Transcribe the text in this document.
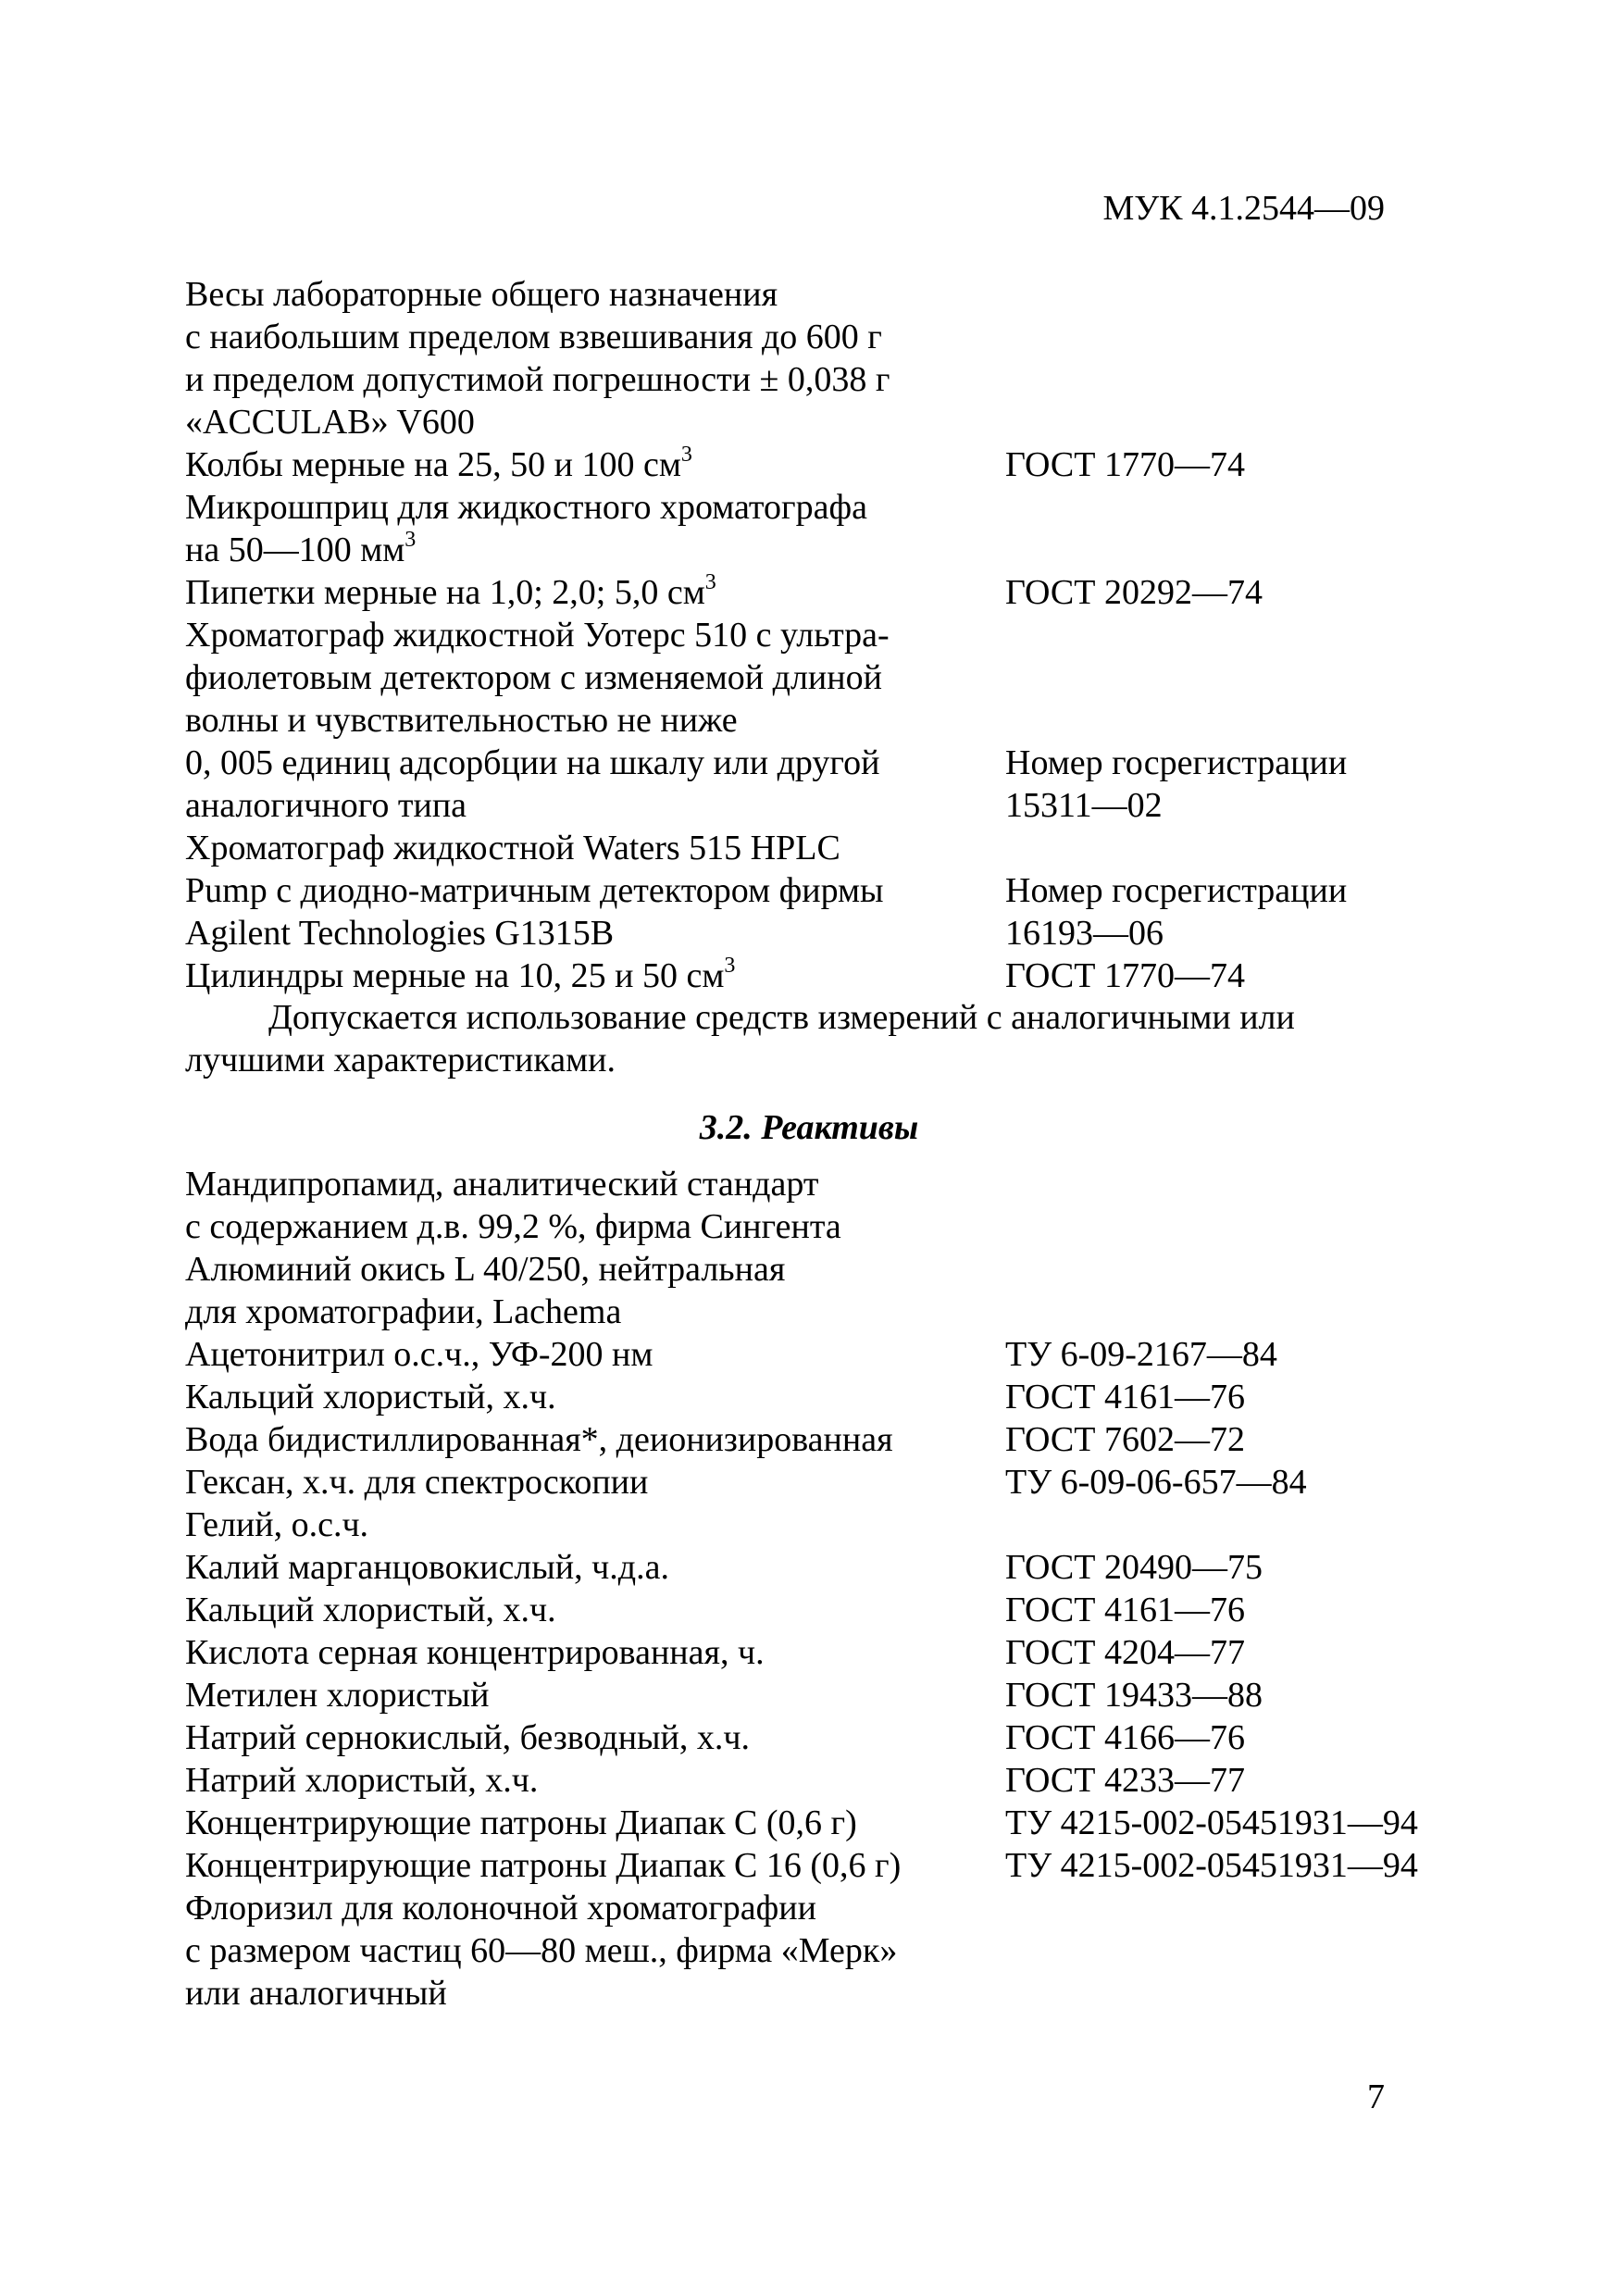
МУК 4.1.2544—09
Весы лабораторные общего назначения
с наибольшим пределом взвешивания до 600 г
и пределом допустимой погрешности ± 0,038 г
«ACCULAB» V600
Колбы мерные на 25, 50 и 100 $см^3$	ГОСТ 1770—74
Микрошприц для жидкостного хроматографа
на 50—100 $мм^3$
Пипетки мерные на 1,0; 2,0; 5,0 $см^3$	ГОСТ 20292—74
Хроматограф жидкостной Уотерс 510 с ультра-
фиолетовым детектором с изменяемой длиной
волны и чувствительностью не ниже
0, 005 единиц адсорбции на шкалу или другой	Номер госрегистрации
аналогичного типа	15311—02
Хроматограф жидкостной Waters 515 HPLC
Pump с диодно-матричным детектором фирмы	Номер госрегистрации
Agilent Technologies G1315B	16193—06
Цилиндры мерные на 10, 25 и 50 $см^3$	ГОСТ 1770—74
Допускается использование средств измерений с аналогичными или
лучшими характеристиками.
3.2. Реактивы
Мандипропамид, аналитический стандарт
с содержанием д.в. 99,2 %, фирма Сингента
Алюминий окись L 40/250, нейтральная
для хроматографии, Lachema
Ацетонитрил о.с.ч., УФ-200 нм	ТУ 6-09-2167—84
Кальций хлористый, х.ч.	ГОСТ 4161—76
Вода бидистиллированная*, деионизированная	ГОСТ 7602—72
Гексан, х.ч. для спектроскопии	ТУ 6-09-06-657—84
Гелий, о.с.ч.
Калий марганцовокислый, ч.д.а.	ГОСТ 20490—75
Кальций хлористый, х.ч.	ГОСТ 4161—76
Кислота серная концентрированная, ч.	ГОСТ 4204—77
Метилен хлористый	ГОСТ 19433—88
Натрий сернокислый, безводный, х.ч.	ГОСТ 4166—76
Натрий хлористый, х.ч.	ГОСТ 4233—77
Концентрирующие патроны Диапак С (0,6 г)	ТУ 4215-002-05451931—94
Концентрирующие патроны Диапак С 16 (0,6 г)	ТУ 4215-002-05451931—94
Флоризил для колоночной хроматографии
с размером частиц 60—80 меш., фирма «Мерк»
или аналогичный
7
